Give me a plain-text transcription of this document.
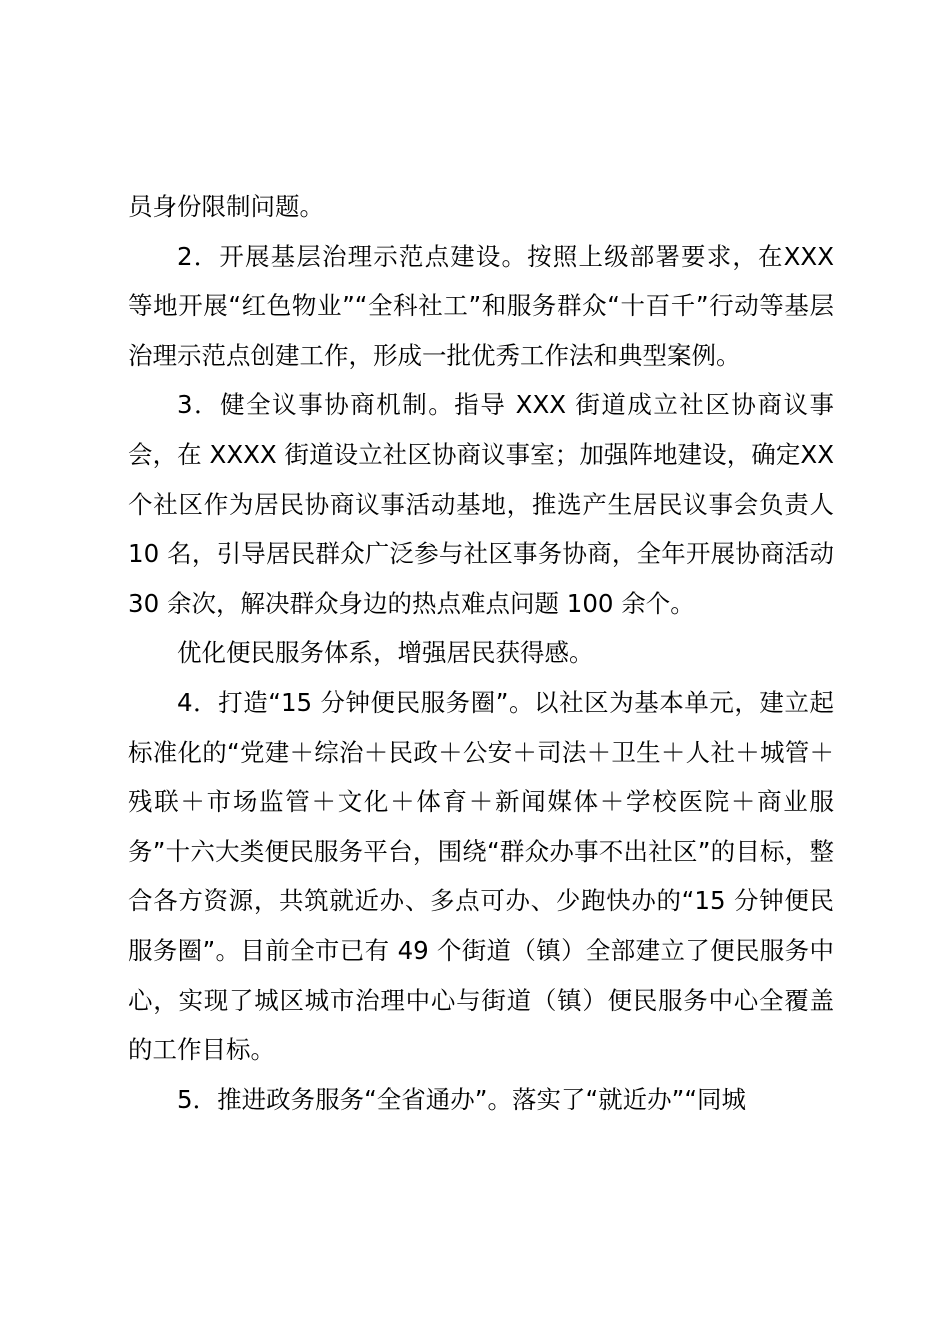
员身份限制问题。

2．开展基层治理示范点建设。按照上级部署要求，在XXX 等地开展“红色物业”“全科社工”和服务群众“十百千”行动等基层治理示范点创建工作，形成一批优秀工作法和典型案例。

3．健全议事协商机制。指导 XXX 街道成立社区协商议事会，在 XXXX 街道设立社区协商议事室；加强阵地建设，确定XX 个社区作为居民协商议事活动基地，推选产生居民议事会负责人 10 名，引导居民群众广泛参与社区事务协商，全年开展协商活动 30 余次，解决群众身边的热点难点问题 100 余个。

优化便民服务体系，增强居民获得感。

4．打造“15 分钟便民服务圈”。以社区为基本单元，建立起标准化的“党建＋综治＋民政＋公安＋司法＋卫生＋人社＋城管＋残联＋市场监管＋文化＋体育＋新闻媒体＋学校医院＋商业服务”十六大类便民服务平台，围绕“群众办事不出社区”的目标，整合各方资源，共筑就近办、多点可办、少跑快办的“15 分钟便民服务圈”。目前全市已有 49 个街道（镇）全部建立了便民服务中心，实现了城区城市治理中心与街道（镇）便民服务中心全覆盖的工作目标。

5．推进政务服务“全省通办”。落实了“就近办”“同城
